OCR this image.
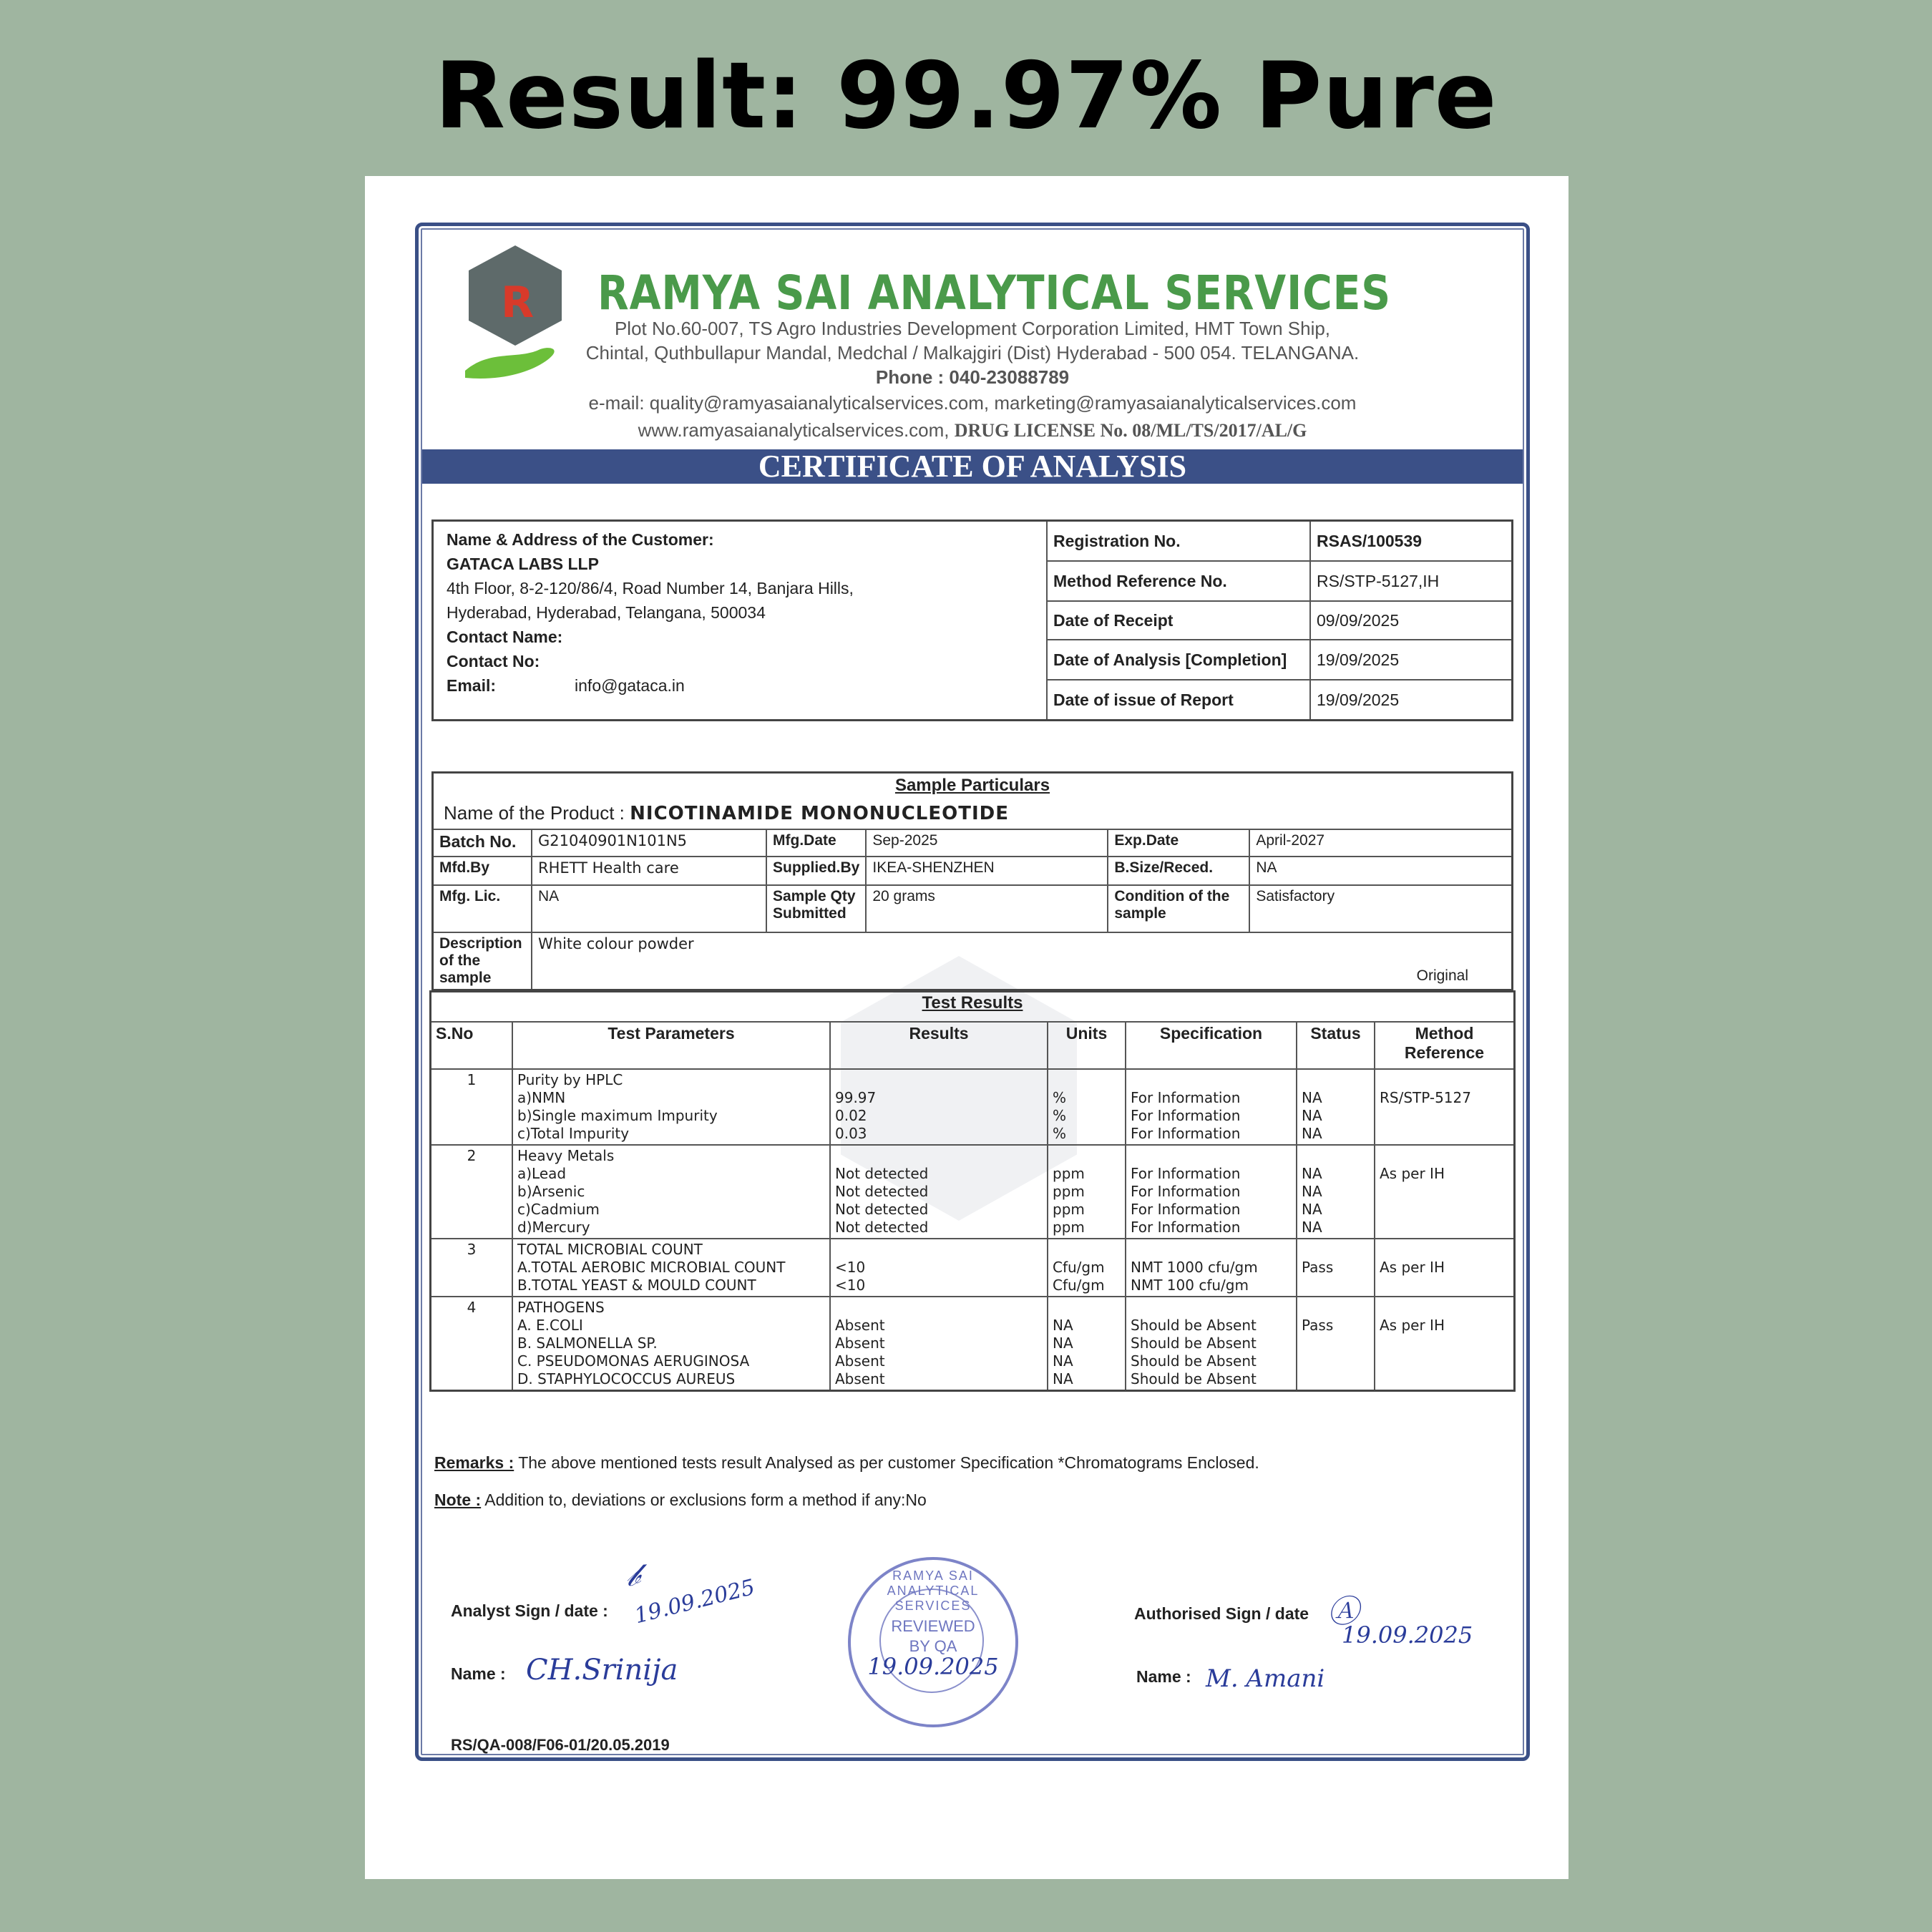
Result: 99.97% Pure
R RAMYA SAI ANALYTICAL SERVICES
Plot No.60-007, TS Agro Industries Development Corporation Limited, HMT Town Ship,
Chintal, Quthbullapur Mandal, Medchal / Malkajgiri (Dist) Hyderabad - 500 054. TELANGANA.
Phone : 040-23088789
e-mail: quality@ramyasaianalyticalservices.com, marketing@ramyasaianalyticalservices.com
www.ramyasaianalyticalservices.com, DRUG LICENSE No. 08/ML/TS/2017/AL/G
CERTIFICATE OF ANALYSIS
Name & Address of the Customer:
GATACA LABS LLP
4th Floor, 8-2-120/86/4, Road Number 14, Banjara Hills,
Hyderabad, Hyderabad, Telangana, 500034
Contact Name:
Contact No:
Email:	info@gataca.in
	Registration No.	RSAS/100539
	Method Reference No.	RS/STP-5127,IH
	Date of Receipt	09/09/2025
	Date of Analysis [Completion]	19/09/2025
	Date of issue of Report	19/09/2025
Sample Particulars					
Name of the Product : NICOTINAMIDE MONONUCLEOTIDE					
Batch No.	G21040901N101N5	Mfg.Date	Sep-2025	Exp.Date	April-2027
Mfd.By	RHETT Health care	Supplied.By	IKEA-SHENZHEN	B.Size/Reced.	NA
Mfg. Lic.	NA	Sample Qty Submitted	20 grams	Condition of the sample	Satisfactory
Description of the sample	White colour powder
Original				
Test Results						
S.No	Test Parameters	Results	Units	Specification	Status	Method Reference
1	Purity by HPLC
a)NMN
b)Single maximum Impurity
c)Total Impurity	99.97
0.02
0.03	%
%
%	For Information
For Information
For Information	NA
NA
NA	RS/STP-5127

2	Heavy Metals
a)Lead
b)Arsenic
c)Cadmium
d)Mercury	Not detected
Not detected
Not detected
Not detected	ppm
ppm
ppm
ppm	For Information
For Information
For Information
For Information	NA
NA
NA
NA	As per IH

3	TOTAL MICROBIAL COUNT
A.TOTAL AEROBIC MICROBIAL COUNT
B.TOTAL YEAST & MOULD COUNT	<10
<10	Cfu/gm
Cfu/gm	NMT 1000 cfu/gm
NMT 100 cfu/gm	Pass	As per IH

4	PATHOGENS
A. E.COLI
B. SALMONELLA SP.
C. PSEUDOMONAS AERUGINOSA
D. STAPHYLOCOCCUS AUREUS	Absent
Absent
Absent
Absent	NA
NA
NA
NA	Should be Absent
Should be Absent
Should be Absent
Should be Absent	Pass	As per IH
Remarks : The above mentioned tests result Analysed as per customer Specification *Chromatograms Enclosed.
Note : Addition to, deviations or exclusions form a method if any:No
Analyst Sign / date :
𝒷
19.09.2025
Name : CH.Srinija
RS/QA-008/F06-01/20.05.2019
RAMYA SAI ANALYTICAL SERVICES
REVIEWED
BY QA
19.09.2025
Authorised Sign / date Ⓐ
19.09.2025
Name : M. Amani
